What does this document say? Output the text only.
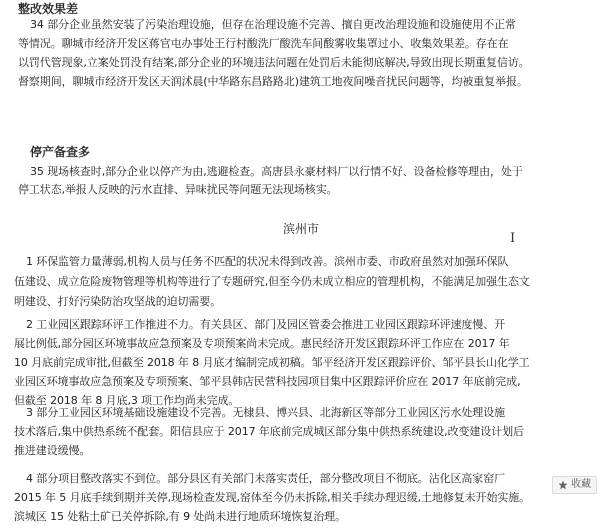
整改效果差
34 部分企业虽然安装了污染治理设施，但存在治理设施不完善、擅自更改治理设施和设施使用不正常
等情况。聊城市经济开发区蒋官屯办事处王行村酸洗厂酸洗车间酸雾收集罩过小、收集效果差。存在在
以罚代管现象,立案处罚没有结案,部分企业的环境违法问题在处罚后未能彻底解决,导致出现长期重复信访。
督察期间，聊城市经济开发区天润沭晨(中华路东昌路路北)建筑工地夜间噪音扰民问题等，均被重复举报。
停产备查多
35 现场核查时,部分企业以停产为由,逃避检查。高唐县永豪材料厂以行情不好、设备检修等理由，处于
停工状态,举报人反映的污水直排、异味扰民等问题无法现场核实。
滨州市
I
1 环保监管力量薄弱,机构人员与任务不匹配的状况未得到改善。滨州市委、市政府虽然对加强环保队
伍建设、成立危险废物管理等机构等进行了专题研究,但至今仍未成立相应的管理机构，不能满足加强生态文
明建设、打好污染防治攻坚战的迫切需要。
2 工业园区跟踪环评工作推进不力。有关县区、部门及园区管委会推进工业园区跟踪环评速度慢、开
展比例低,部分园区环境事故应急预案及专项预案尚未完成。惠民经济开发区跟踪环评工作应在 2017 年
10 月底前完成审批,但截至 2018 年 8 月底才编制完成初稿。邹平经济开发区跟踪评价、邹平县长山化学工
业园区环境事故应急预案及专项预案、邹平县韩店民营科技园项目集中区跟踪评价应在 2017 年底前完成,
但截至 2018 年 8 月底,3 项工作均尚未完成。
3 部分工业园区环境基础设施建设不完善。无棣县、博兴县、北海新区等部分工业园区污水处理设施
技术落后,集中供热系统不配套。阳信县应于 2017 年底前完成城区部分集中供热系统建设,改变建设计划后
推进建设缓慢。
4 部分项目整改落实不到位。部分县区有关部门未落实责任，部分整改项目不彻底。沾化区高家窑厂
2015 年 5 月底手续到期并关停,现场检查发现,窑体至今仍未拆除,相关手续办理迟缓,土地修复未开始实施。
滨城区 15 处粘土矿已关停拆除,有 9 处尚未进行地质环境恢复治理。
收藏
